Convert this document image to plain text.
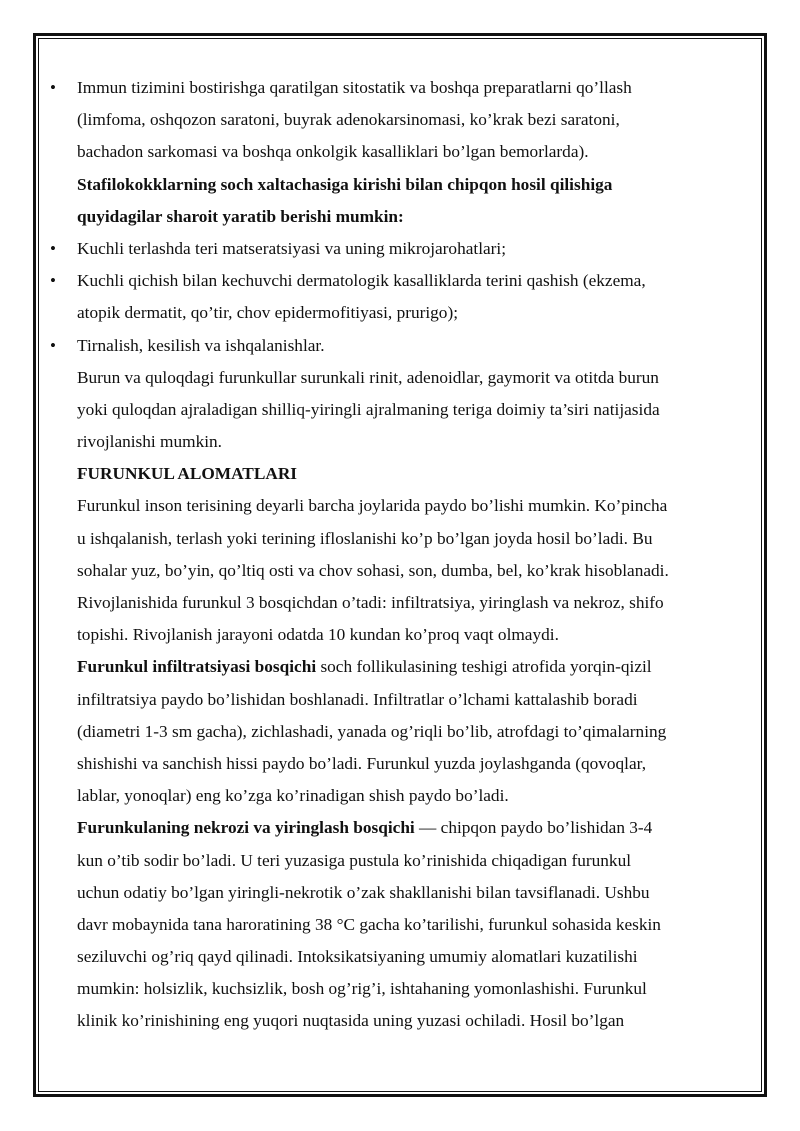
•	Immun tizimini bostirishga qaratilgan sitostatik va boshqa preparatlarni qo’llash
(limfoma, oshqozon saratoni, buyrak adenokarsinomasi, ko’krak bezi saratoni,
bachadon sarkomasi va boshqa onkolgik kasalliklari bo’lgan bemorlarda).
Stafilokokklarning soch xaltachasiga kirishi bilan chipqon hosil qilishiga
quyidagilar sharoit yaratib berishi mumkin:
•	Kuchli terlashda teri matseratsiyasi va uning mikrojarohatlari;
•	Kuchli qichish bilan kechuvchi dermatologik kasalliklarda terini qashish (ekzema,
atopik dermatit, qo’tir, chov epidermofitiyasi, prurigo);
•	Tirnalish, kesilish va ishqalanishlar.
Burun va quloqdagi furunkullar surunkali rinit, adenoidlar, gaymorit va otitda burun
yoki quloqdan ajraladigan shilliq-yiringli ajralmaning teriga doimiy ta’siri natijasida
rivojlanishi mumkin.
FURUNKUL ALOMATLARI
Furunkul inson terisining deyarli barcha joylarida paydo bo’lishi mumkin. Ko’pincha
u ishqalanish, terlash yoki terining ifloslanishi ko’p bo’lgan joyda hosil bo’ladi. Bu
sohalar yuz, bo’yin, qo’ltiq osti va chov sohasi, son, dumba, bel, ko’krak hisoblanadi.
Rivojlanishida furunkul 3 bosqichdan o’tadi: infiltratsiya, yiringlash va nekroz, shifo
topishi. Rivojlanish jarayoni odatda 10 kundan ko’proq vaqt olmaydi.
Furunkul infiltratsiyasi bosqichi soch follikulasining teshigi atrofida yorqin-qizil
infiltratsiya paydo bo’lishidan boshlanadi. Infiltratlar o’lchami kattalashib boradi
(diametri 1-3 sm gacha), zichlashadi, yanada og’riqli bo’lib, atrofdagi to’qimalarning
shishishi va sanchish hissi paydo bo’ladi. Furunkul yuzda joylashganda (qovoqlar,
lablar, yonoqlar) eng ko’zga ko’rinadigan shish paydo bo’ladi.
Furunkulaning nekrozi va yiringlash bosqichi — chipqon paydo bo’lishidan 3-4
kun o’tib sodir bo’ladi. U teri yuzasiga pustula ko’rinishida chiqadigan furunkul
uchun odatiy bo’lgan yiringli-nekrotik o’zak shakllanishi bilan tavsiflanadi. Ushbu
davr mobaynida tana haroratining 38 °C gacha ko’tarilishi, furunkul sohasida keskin
seziluvchi og’riq qayd qilinadi. Intoksikatsiyaning umumiy alomatlari kuzatilishi
mumkin: holsizlik, kuchsizlik, bosh og’rig’i, ishtahaning yomonlashishi. Furunkul
klinik ko’rinishining eng yuqori nuqtasida uning yuzasi ochiladi. Hosil bo’lgan
